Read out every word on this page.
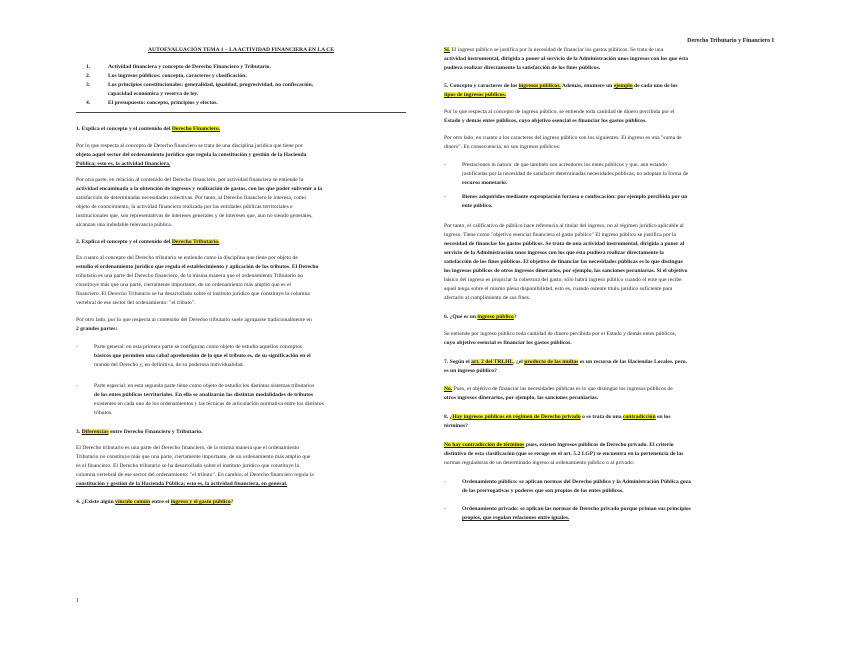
Derecho Tributario y Financiero I
1
AUTOEVALUACIÓN TEMA 1 – LA ACTIVIDAD FINANCIERA EN LA CE
1.	Actividad financiera y concepto de Derecho Financiero y Tributario.
2.	Los ingresos públicos: concepto, caracteres y clasificación.
3.	Los principios constitucionales: generalidad, igualdad, progresividad, no confiscación,
capacidad económica y reserva de ley.
4.	El presupuesto: concepto, principios y efectos.
1. Explica el concepto y el contenido del Derecho Financiero.
Por lo que respecta al concepto de Derecho financiero se trata de una disciplina jurídica que tiene por
objeto aquel sector del ordenamiento jurídico que regula la constitución y gestión de la Hacienda
Pública; esto es, la actividad financiera.
Por otra parte, en relación al contenido del Derecho financiero, por actividad financiera se entiende la
actividad encaminada a la obtención de ingresos y realización de gastos, con los que poder subvenir a la
satisfacción de determinadas necesidades colectivas. Por tanto, al Derecho financiero le interesa, como
objeto de conocimiento, la actividad financiera realizada por las entidades públicas territoriales e
institucionales que, son representativas de intereses generales y de intereses que, aun no siendo generales,
alcanzan una indudable relevancia pública.
2. Explica el concepto y el contenido del Derecho Tributario.
En cuanto al concepto del Derecho tributario se entiende como la disciplina que tiene por objeto de
estudio el ordenamiento jurídico que regula el establecimiento y aplicación de los tributos. El Derecho
tributario es una parte del Derecho financiero, de la misma manera que el ordenamiento Tributario no
constituye más que una parte, ciertamente importante, de un ordenamiento más amplio que es el
financiero. El Derecho Tributario se ha desarrollado sobre el instituto jurídico que constituye la columna
vertebral de ese sector del ordenamiento: "el tributo".
Por otro lado, por lo que respecta al contenido del Derecho tributario suele agruparse tradicionalmente en
2 grandes partes:
-	Parte general: en esta primera parte se configuran como objeto de estudio aquellos conceptos
básicos que permiten una cabal aprehensión de lo que el tributo es, de su significación en el
mundo del Derecho y, en definitiva, de su poderosa individualidad.
-	Parte especial: en esta segunda parte tiene como objeto de estudio los distintos sistemas tributarios
de los entes públicos territoriales. En ella se analizarán las distintas modalidades de tributos
existentes en cada uno de los ordenamientos y las técnicas de articulación normativa entre los distintos
tributos.
3. Diferencias entre Derecho Financiero y Tributario.
El Derecho tributario es una parte del Derecho financiero, de la misma manera que el ordenamiento
Tributario no constituye más que una parte, ciertamente importante, de un ordenamiento más amplio que
es el financiero. El Derecho tributario se ha desarrollado sobre el instituto jurídico que constituye la
columna vertebral de ese sector del ordenamiento: "el tributo". En cambio, el Derecho financiero regula la
constitución y gestión de la Hacienda Pública; esto es, la actividad financiera, en general.
4. ¿Existe algún vínculo común entre el ingreso y el gasto público?
Sí. El ingreso público se justifica por la necesidad de financiar los gastos públicos. Se trata de una
actividad instrumental, dirigida a poner al servicio de la Administración unos ingresos con los que ésta
pudiera realizar directamente la satisfacción de los fines públicos.
5. Concepto y caracteres de los ingresos públicos. Además, enumere un ejemplo de cada uno de los
tipos de ingresos públicos.
Por lo que respecta al concepto de ingreso público, se entiende toda cantidad de dinero percibida por el
Estado y demás entes públicos, cuyo objetivo esencial es financiar los gastos públicos.
Por otro lado, en cuanto a los caracteres del ingreso público son los siguientes: El ingreso es una "suma de
dinero". En consecuencia, no son ingresos públicos:
-	Prestaciones in natura: de que también son acreedores los entes públicos y que, aun estando
justificadas por la necesidad de satisfacer determinadas necesidades públicas, no adoptan la forma de
recurso monetario.
-	Bienes adquiridos mediante expropiación forzosa o confiscación: por ejemplo percibida por un
ente público.
Por tanto, el calificativo de público hace referencia al titular del ingreso, no al régimen jurídico aplicable al
ingreso. Tiene como "objetivo esencial financiera el gasto público" El ingreso público se justifica por la
necesidad de financiar los gastos públicos. Se trata de una actividad instrumental, dirigida a poner al
servicio de la Administración unos ingresos con los que ésta pudiera realizar directamente la
satisfacción de los fines públicos. El objetivo de financiar las necesidades públicas es lo que distingue
los ingresos públicos de otros ingresos dinerarios, por ejemplo, las sanciones pecuniarias. Si el objetivo
básico del ingreso es propiciar la cobertura del gasto, sólo habrá ingreso público cuando el ente que recibe
aquél tenga sobre el mismo plena disponibilidad, esto es, cuando ostente título jurídico suficiente para
afectarlo al cumplimiento de sus fines.
6. ¿Qué es un ingreso público?
Se entiende por ingreso público toda cantidad de dinero percibida por el Estado y demás entes públicos,
cuyo objetivo esencial es financiar los gastos públicos.
7. Según el art. 2 del TRLHL, ¿el producto de las multas es un recurso de las Haciendas Locales, pero,
es un ingreso público?
No. Pues, el objetivo de financiar las necesidades públicas es lo que distingue los ingresos públicos de
otros ingresos dinerarios, por ejemplo, las sanciones pecuniarias.
8. ¿Hay ingresos públicos en régimen de Derecho privado o se trata de una contradicción en los
términos?
No hay contradicción de términos pues, existen ingresos públicos de Derecho privado. El criterio
distintivo de esta clasificación (que se recoge en el art. 5.2 LGP) se encuentra en la pertenencia de las
normas reguladoras de un determinado ingreso al ordenamiento público o al privado:
-	Ordenamiento público: se aplican normas del Derecho público y la Administración Pública goza
de las prerrogativas y poderes que son propios de los entes públicos.
-	Ordenamiento privado: se aplican las normas de Derecho privado porque priman sus principios
propios, que regulan relaciones entre iguales.
